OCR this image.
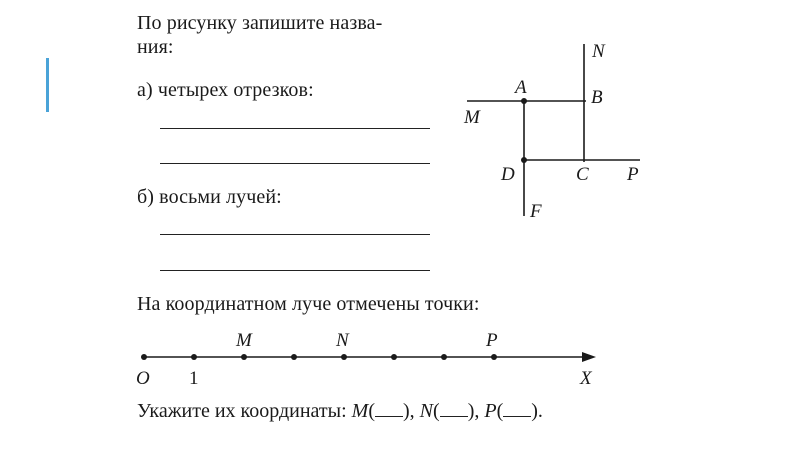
По рисунку запишите назва-
ния:
а) четырех отрезков:
б) восьми лучей:
N
A	B
M
D	C P
F
На координатном луче отмечены точки:
O 1
M	N	P
X
Укажите их координаты: M( ), N( ), P( ).
